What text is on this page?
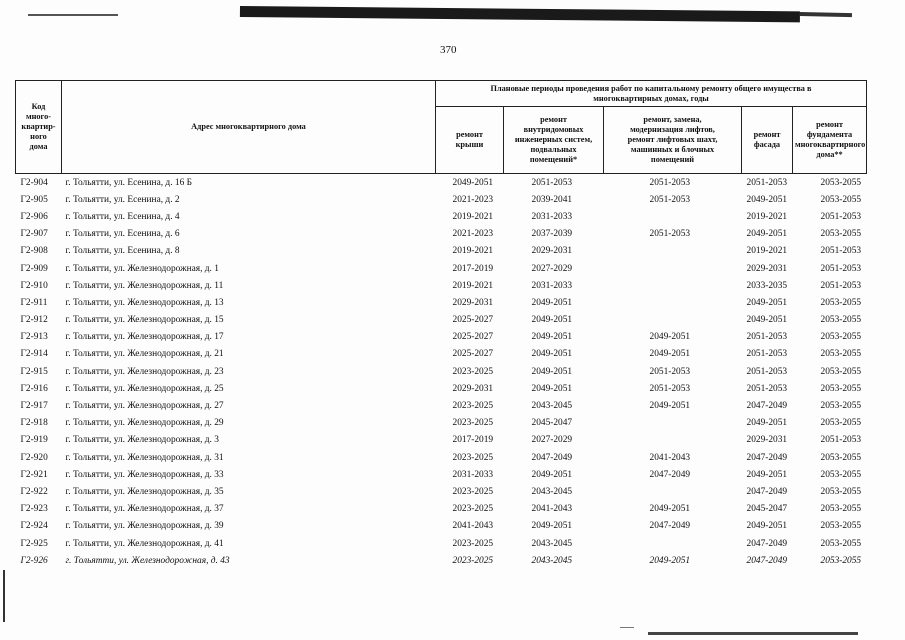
370
Код
много-
квартир-
ного
дома	Адрес многоквартирного дома	Плановые периоды проведения работ по капитальному ремонту общего имущества в
многоквартирных домах, годы				
		ремонт
крыши	ремонт
внутридомовых
инженерных систем,
подвальных
помещений*	ремонт, замена,
модернизация лифтов,
ремонт лифтовых шахт,
машинных и блочных
помещений	ремонт
фасада	ремонт
фундамента
многоквартирного
дома**
Г2-904	г. Тольятти, ул. Есенина, д. 16 Б	2049-2051	2051-2053	2051-2053	2051-2053	2053-2055
Г2-905	г. Тольятти, ул. Есенина, д. 2	2021-2023	2039-2041	2051-2053	2049-2051	2053-2055
Г2-906	г. Тольятти, ул. Есенина, д. 4	2019-2021	2031-2033		2019-2021	2051-2053
Г2-907	г. Тольятти, ул. Есенина, д. 6	2021-2023	2037-2039	2051-2053	2049-2051	2053-2055
Г2-908	г. Тольятти, ул. Есенина, д. 8	2019-2021	2029-2031		2019-2021	2051-2053
Г2-909	г. Тольятти, ул. Железнодорожная, д. 1	2017-2019	2027-2029		2029-2031	2051-2053
Г2-910	г. Тольятти, ул. Железнодорожная, д. 11	2019-2021	2031-2033		2033-2035	2051-2053
Г2-911	г. Тольятти, ул. Железнодорожная, д. 13	2029-2031	2049-2051		2049-2051	2053-2055
Г2-912	г. Тольятти, ул. Железнодорожная, д. 15	2025-2027	2049-2051		2049-2051	2053-2055
Г2-913	г. Тольятти, ул. Железнодорожная, д. 17	2025-2027	2049-2051	2049-2051	2051-2053	2053-2055
Г2-914	г. Тольятти, ул. Железнодорожная, д. 21	2025-2027	2049-2051	2049-2051	2051-2053	2053-2055
Г2-915	г. Тольятти, ул. Железнодорожная, д. 23	2023-2025	2049-2051	2051-2053	2051-2053	2053-2055
Г2-916	г. Тольятти, ул. Железнодорожная, д. 25	2029-2031	2049-2051	2051-2053	2051-2053	2053-2055
Г2-917	г. Тольятти, ул. Железнодорожная, д. 27	2023-2025	2043-2045	2049-2051	2047-2049	2053-2055
Г2-918	г. Тольятти, ул. Железнодорожная, д. 29	2023-2025	2045-2047		2049-2051	2053-2055
Г2-919	г. Тольятти, ул. Железнодорожная, д. 3	2017-2019	2027-2029		2029-2031	2051-2053
Г2-920	г. Тольятти, ул. Железнодорожная, д. 31	2023-2025	2047-2049	2041-2043	2047-2049	2053-2055
Г2-921	г. Тольятти, ул. Железнодорожная, д. 33	2031-2033	2049-2051	2047-2049	2049-2051	2053-2055
Г2-922	г. Тольятти, ул. Железнодорожная, д. 35	2023-2025	2043-2045		2047-2049	2053-2055
Г2-923	г. Тольятти, ул. Железнодорожная, д. 37	2023-2025	2041-2043	2049-2051	2045-2047	2053-2055
Г2-924	г. Тольятти, ул. Железнодорожная, д. 39	2041-2043	2049-2051	2047-2049	2049-2051	2053-2055
Г2-925	г. Тольятти, ул. Железнодорожная, д. 41	2023-2025	2043-2045		2047-2049	2053-2055
Г2-926	г. Тольятти, ул. Железнодорожная, д. 43	2023-2025	2043-2045	2049-2051	2047-2049	2053-2055
